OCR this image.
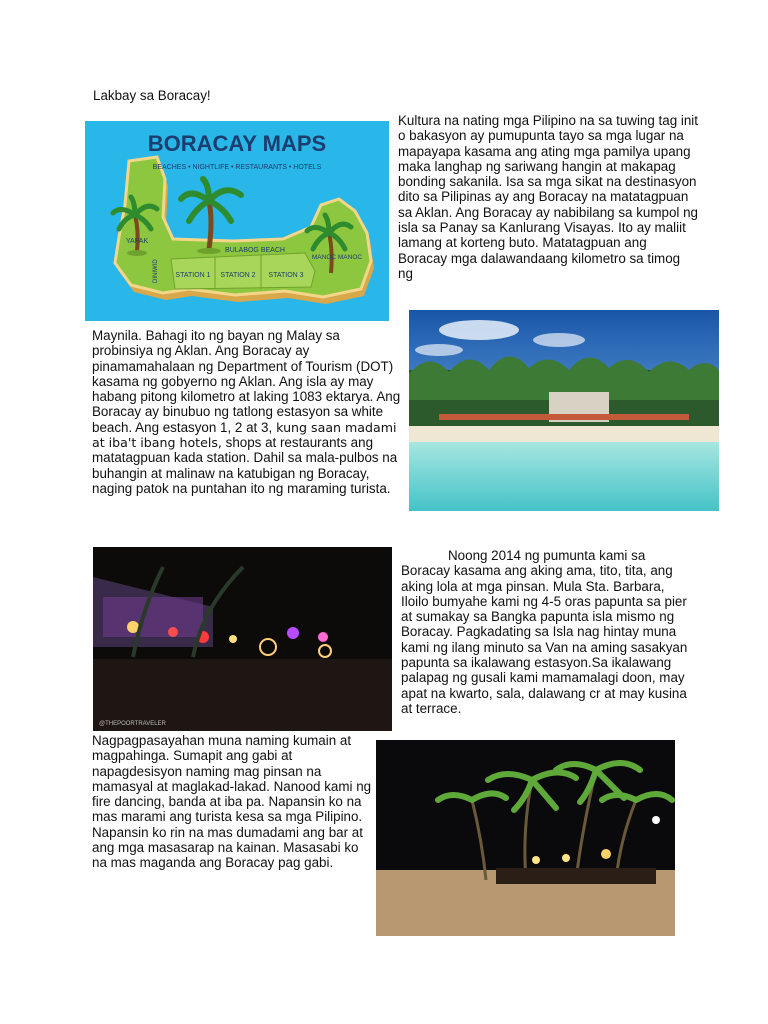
Lakbay sa Boracay!

BORACAY MAPS
BEACHES • NIGHTLIFE • RESTAURANTS • HOTELS
YAPAK
DINIWID
BULABOG BEACH
MANOC MANOC
STATION 1 STATION 2 STATION 3

Kultura na nating mga Pilipino na sa tuwing tag init o bakasyon ay pumupunta tayo sa mga lugar na mapayapa kasama ang ating mga pamilya upang maka langhap ng sariwang hangin at makapag bonding sakanila. Isa sa mga sikat na destinasyon dito sa Pilipinas ay ang Boracay na matatagpuan sa Aklan. Ang Boracay ay nabibilang sa kumpol ng isla sa Panay sa Kanlurang Visayas. Ito ay maliit lamang at korteng buto. Matatagpuan ang Boracay mga dalawandaang kilometro sa timog ng

Maynila. Bahagi ito ng bayan ng Malay sa probinsiya ng Aklan. Ang Boracay ay pinamamahalaan ng Department of Tourism (DOT) kasama ng gobyerno ng Aklan. Ang isla ay may habang pitong kilometro at laking 1083 ektarya. Ang Boracay ay binubuo ng tatlong estasyon sa white beach. Ang estasyon 1, 2 at 3, kung saan madami at iba't ibang hotels, shops at restaurants ang matatagpuan kada station. Dahil sa mala-pulbos na buhangin at malinaw na katubigan ng Boracay, naging patok na puntahan ito ng maraming turista.

@THEPOORTRAVELER

Noong 2014 ng pumunta kami sa Boracay kasama ang aking ama, tito, tita, ang aking lola at mga pinsan. Mula Sta. Barbara, Iloilo bumyahe kami ng 4-5 oras papunta sa pier at sumakay sa Bangka papunta isla mismo ng Boracay. Pagkadating sa Isla nag hintay muna kami ng ilang minuto sa Van na aming sasakyan papunta sa ikalawang estasyon.Sa ikalawang palapag ng gusali kami mamamalagi doon, may apat na kwarto, sala, dalawang cr at may kusina at terrace.

Nagpagpasayahan muna naming kumain at magpahinga. Sumapit ang gabi at napagdesisyon naming mag pinsan na mamasyal at maglakad-lakad. Nanood kami ng fire dancing, banda at iba pa. Napansin ko na mas marami ang turista kesa sa mga Pilipino. Napansin ko rin na mas dumadami ang bar at ang mga masasarap na kainan. Masasabi ko na mas maganda ang Boracay pag gabi.
